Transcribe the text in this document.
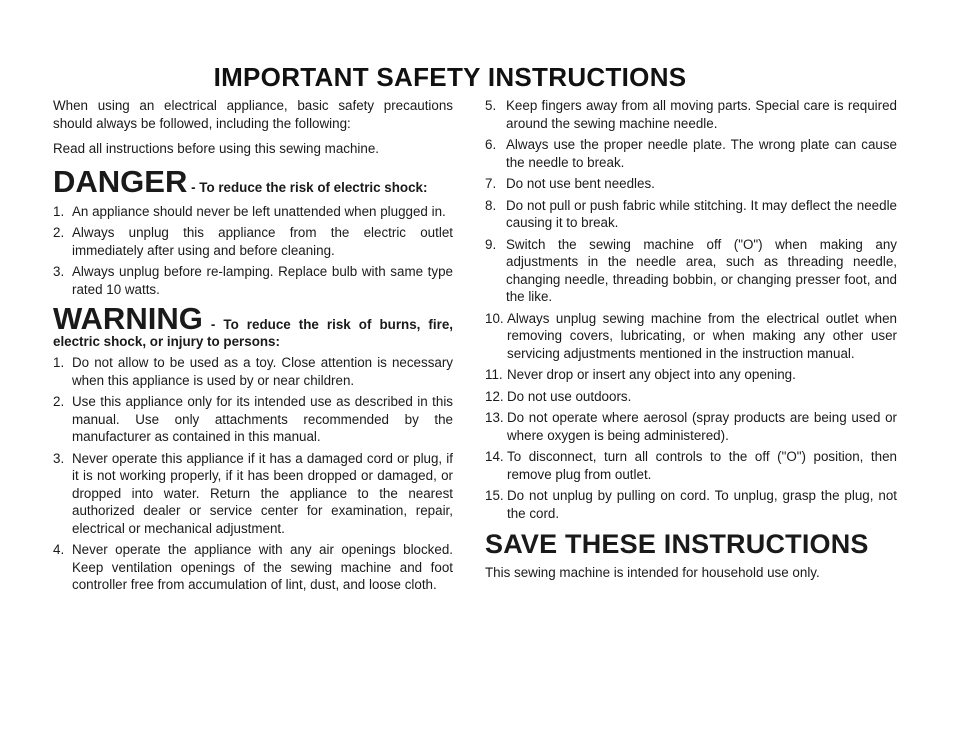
IMPORTANT SAFETY INSTRUCTIONS

When using an electrical appliance, basic safety precautions should always be followed, including the following:

Read all instructions before using this sewing machine.

DANGER - To reduce the risk of electric shock:
1. An appliance should never be left unattended when plugged in.
2. Always unplug this appliance from the electric outlet immediately after using and before cleaning.
3. Always unplug before re-lamping. Replace bulb with same type rated 10 watts.
WARNING - To reduce the risk of burns, fire, electric shock, or injury to persons:
1. Do not allow to be used as a toy. Close attention is necessary when this appliance is used by or near children.
2. Use this appliance only for its intended use as described in this manual. Use only attachments recommended by the manufacturer as contained in this manual.
3. Never operate this appliance if it has a damaged cord or plug, if it is not working properly, if it has been dropped or damaged, or dropped into water. Return the appliance to the nearest authorized dealer or service center for examination, repair, electrical or mechanical adjustment.
4. Never operate the appliance with any air openings blocked. Keep ventilation openings of the sewing machine and foot controller free from accumulation of lint, dust, and loose cloth.
5. Keep fingers away from all moving parts. Special care is required around the sewing machine needle.
6. Always use the proper needle plate. The wrong plate can cause the needle to break.
7. Do not use bent needles.
8. Do not pull or push fabric while stitching. It may deflect the needle causing it to break.
9. Switch the sewing machine off ("O") when making any adjustments in the needle area, such as threading needle, changing needle, threading bobbin, or changing presser foot, and the like.
10. Always unplug sewing machine from the electrical outlet when removing covers, lubricating, or when making any other user servicing adjustments mentioned in the instruction manual.
11. Never drop or insert any object into any opening.
12. Do not use outdoors.
13. Do not operate where aerosol (spray products are being used or where oxygen is being administered).
14. To disconnect, turn all controls to the off ("O") position, then remove plug from outlet.
15. Do not unplug by pulling on cord. To unplug, grasp the plug, not the cord.
SAVE THESE INSTRUCTIONS
This sewing machine is intended for household use only.
